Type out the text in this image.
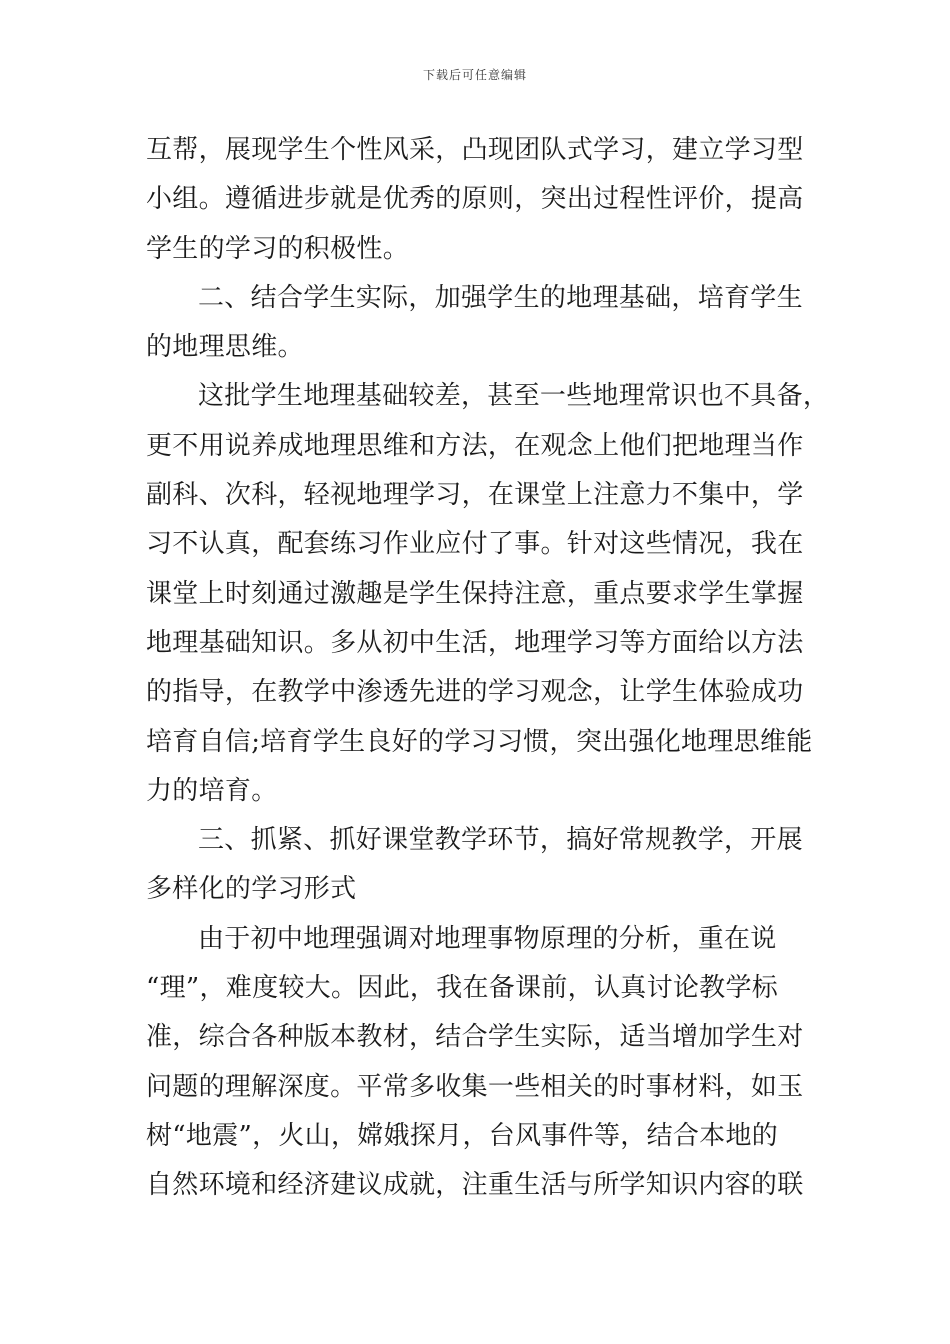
下载后可任意编辑
互帮，展现学生个性风采，凸现团队式学习，建立学习型
小组。遵循进步就是优秀的原则，突出过程性评价，提高
学生的学习的积极性。
二、结合学生实际，加强学生的地理基础，培育学生
的地理思维。
这批学生地理基础较差，甚至一些地理常识也不具备，
更不用说养成地理思维和方法，在观念上他们把地理当作
副科、次科，轻视地理学习，在课堂上注意力不集中，学
习不认真，配套练习作业应付了事。针对这些情况，我在
课堂上时刻通过激趣是学生保持注意，重点要求学生掌握
地理基础知识。多从初中生活，地理学习等方面给以方法
的指导，在教学中渗透先进的学习观念，让学生体验成功
培育自信;培育学生良好的学习习惯，突出强化地理思维能
力的培育。
三、抓紧、抓好课堂教学环节，搞好常规教学，开展
多样化的学习形式
由于初中地理强调对地理事物原理的分析，重在说
“理”，难度较大。因此，我在备课前，认真讨论教学标
准，综合各种版本教材，结合学生实际，适当增加学生对
问题的理解深度。平常多收集一些相关的时事材料，如玉
树“地震”，火山，嫦娥探月，台风事件等，结合本地的
自然环境和经济建议成就，注重生活与所学知识内容的联
